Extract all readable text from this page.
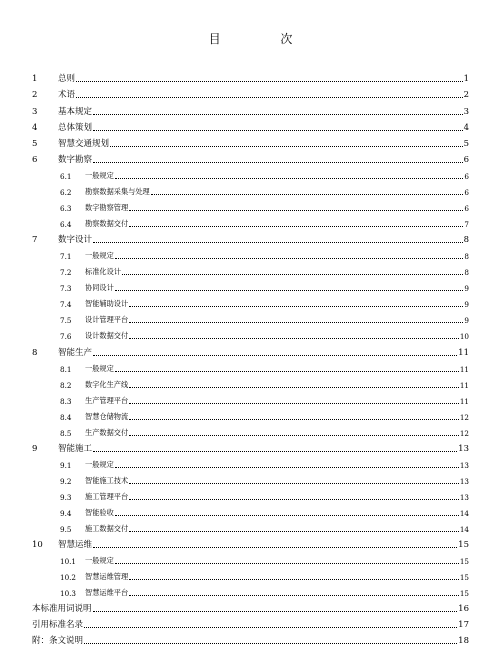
目 次
1	总则	1
2	术语	2
3	基本规定	3
4	总体策划	4
5	智慧交通规划	5
6	数字勘察	6
6.1	一般规定	6
6.2	勘察数据采集与处理	6
6.3	数字勘察管理	6
6.4	勘察数据交付	7
7	数字设计	8
7.1	一般规定	8
7.2	标准化设计	8
7.3	协同设计	9
7.4	智能辅助设计	9
7.5	设计管理平台	9
7.6	设计数据交付	10
8	智能生产	11
8.1	一般规定	11
8.2	数字化生产线	11
8.3	生产管理平台	11
8.4	智慧仓储物流	12
8.5	生产数据交付	12
9	智能施工	13
9.1	一般规定	13
9.2	智能施工技术	13
9.3	施工管理平台	13
9.4	智能验收	14
9.5	施工数据交付	14
10	智慧运维	15
10.1	一般规定	15
10.2	智慧运维管理	15
10.3	智慧运维平台	15
本标准用词说明	16
引用标准名录	17
附：条文说明	18
